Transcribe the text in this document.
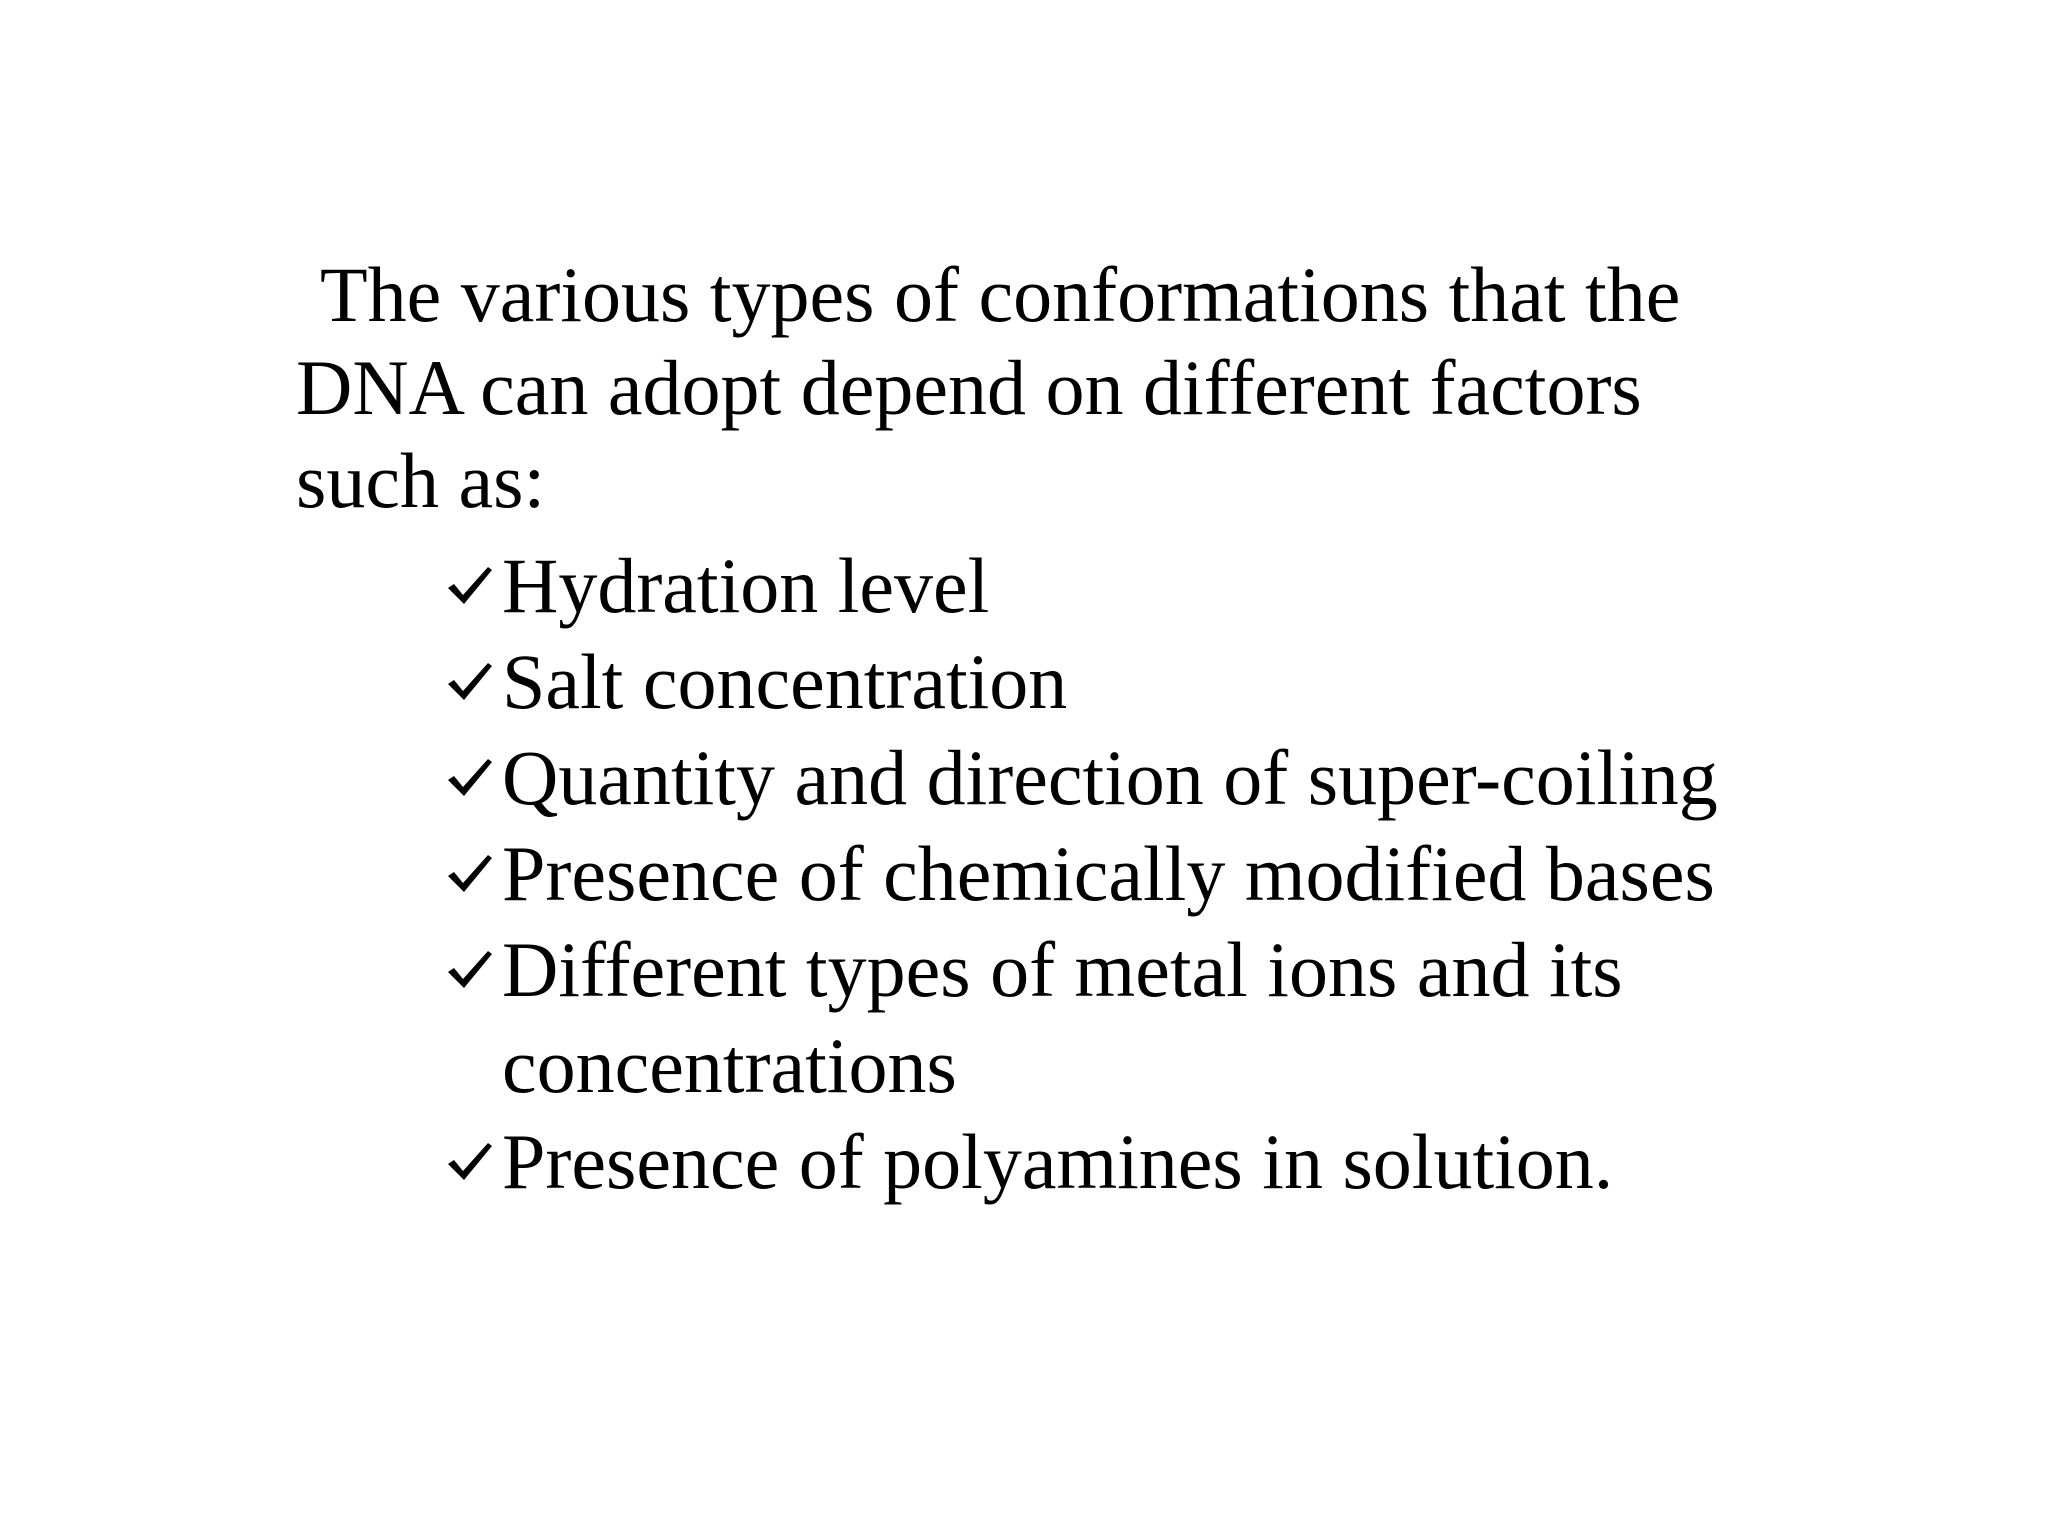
The various types of conformations that the
DNA can adopt depend on different factors
such as:

Hydration level
Salt concentration
Quantity and direction of super-coiling
Presence of chemically modified bases
Different types of metal ions and its
concentrations
Presence of polyamines in solution.
